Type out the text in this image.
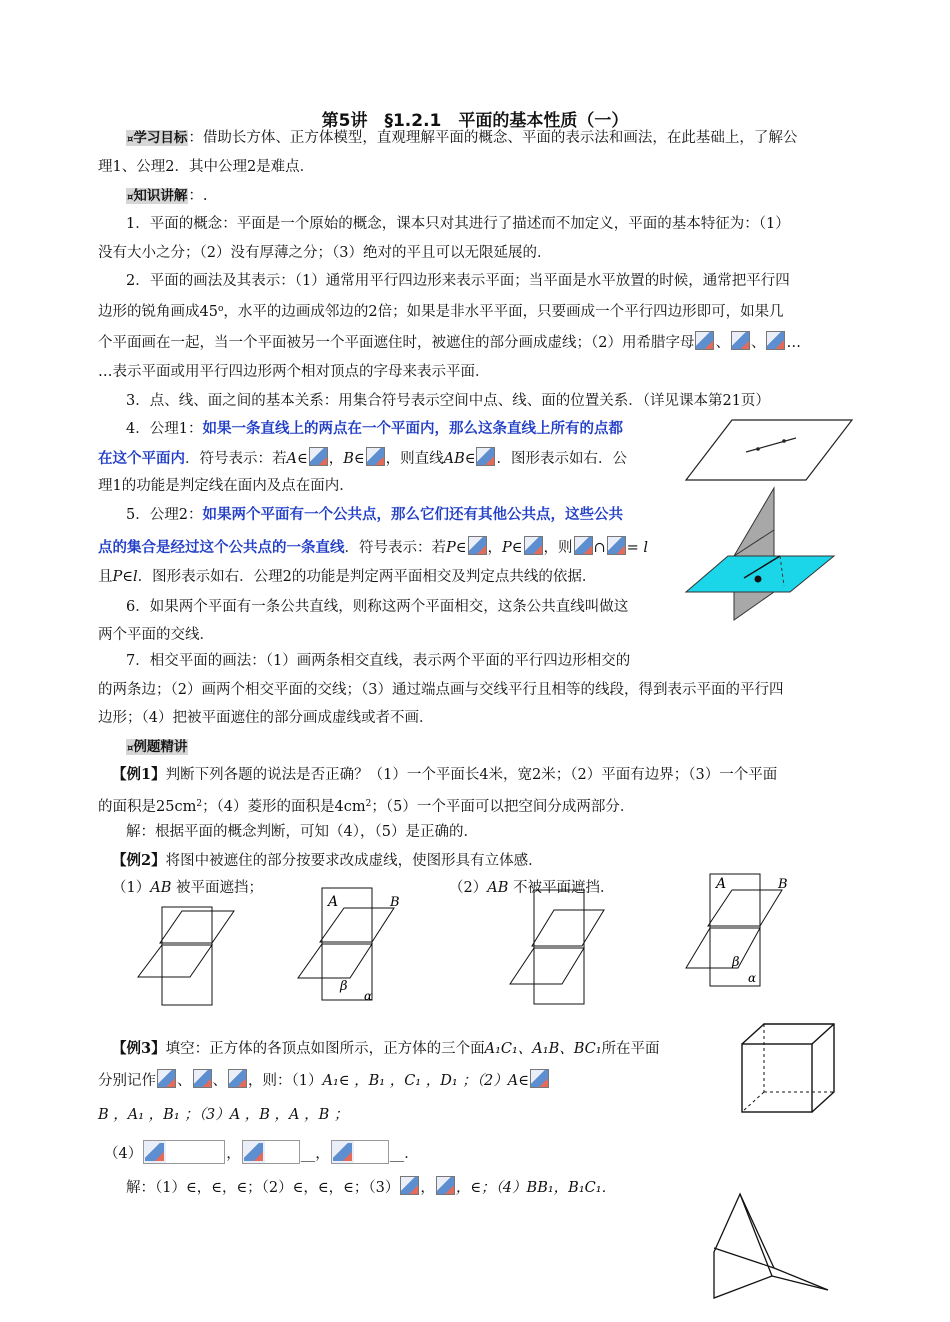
第5讲　§1.2.1　平面的基本性质（一）
¤学习目标：借助长方体、正方体模型，直观理解平面的概念、平面的表示法和画法，在此基础上，了解公
理1、公理2．其中公理2是难点．
¤知识讲解：.
1．平面的概念：平面是一个原始的概念，课本只对其进行了描述而不加定义，平面的基本特征为：（1）
没有大小之分；（2）没有厚薄之分；（3）绝对的平且可以无限延展的．
2．平面的画法及其表示：（1）通常用平行四边形来表示平面；当平面是水平放置的时候，通常把平行四
边形的锐角画成45$^o$，水平的边画成邻边的2倍；如果是非水平平面，只要画成一个平行四边形即可，如果几
个平面画在一起，当一个平面被另一个平面遮住时，被遮住的部分画成虚线；（2）用希腊字母 、 、 …
…表示平面或用平行四边形两个相对顶点的字母来表示平面．
3．点、线、面之间的基本关系：用集合符号表示空间中点、线、面的位置关系．（详见课本第21页）
4．公理1：如果一条直线上的两点在一个平面内，那么这条直线上所有的点都
在这个平面内．符号表示：若A∈ ，B∈ ，则直线AB∈ ．图形表示如右．公
理1的功能是判定线在面内及点在面内．
5．公理2：如果两个平面有一个公共点，那么它们还有其他公共点，这些公共
点的集合是经过这个公共点的一条直线．符号表示：若P∈ ，P∈ ，则 ∩ = l
且P∈l．图形表示如右．公理2的功能是判定两平面相交及判定点共线的依据．
6．如果两个平面有一条公共直线，则称这两个平面相交，这条公共直线叫做这
两个平面的交线．
7．相交平面的画法：（1）画两条相交直线，表示两个平面的平行四边形相交的
的两条边；（2）画两个相交平面的交线；（3）通过端点画与交线平行且相等的线段，得到表示平面的平行四
边形；（4）把被平面遮住的部分画成虚线或者不画．
¤例题精讲
【例1】判断下列各题的说法是否正确？（1）一个平面长4米，宽2米；（2）平面有边界；（3）一个平面
的面积是$25cm^2$；（4）菱形的面积是$4cm^2$；（5）一个平面可以把空间分成两部分．
解：根据平面的概念判断，可知（4），（5）是正确的．
【例2】将图中被遮住的部分按要求改成虚线，使图形具有立体感．
（1）AB 被平面遮挡；	（2）AB 不被平面遮挡．
【例3】填空：正方体的各顶点如图所示，正方体的三个面A₁C₁、A₁B、BC₁所在平面
分别记作 、 、 ，则：（1）A₁∈ ，B₁ ，C₁ ，D₁ ；（2）A∈
B ，A₁ ，B₁ ；（3）A ，B ，A ，B ；
（4）	，	__，	__．
解：（1）∈，∈，∈；（2）∈，∈，∈；（3） ， ，∈；（4）BB₁，B₁C₁．
A	B
β
α
A	B
β
α
